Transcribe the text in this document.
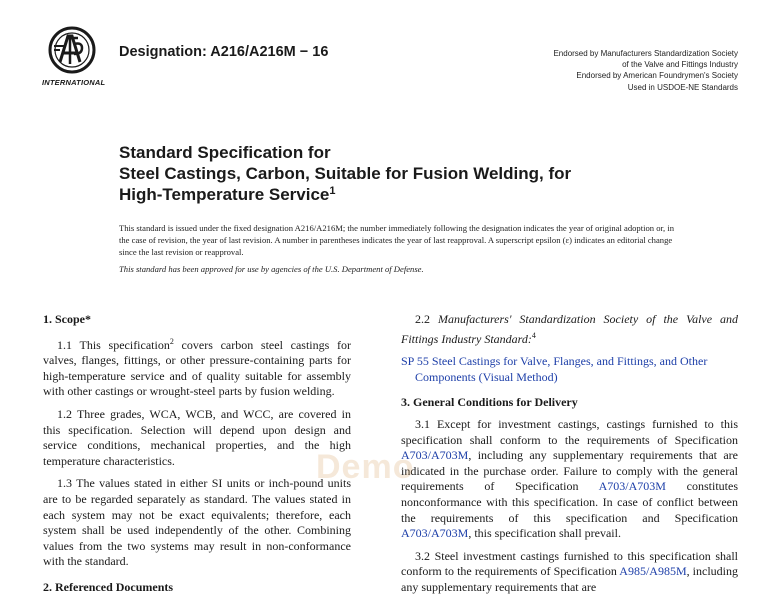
INTERNATIONAL
Designation: A216/A216M − 16	Endorsed by Manufacturers Standardization Society
of the Valve and Fittings Industry
Endorsed by American Foundrymen's Society
Used in USDOE-NE Standards
Standard Specification for
Steel Castings, Carbon, Suitable for Fusion Welding, for
High-Temperature Service$^1$

This standard is issued under the fixed designation A216/A216M; the number immediately following the designation indicates the year of original adoption or, in the case of revision, the year of last revision. A number in parentheses indicates the year of last reapproval. A superscript epsilon (ε) indicates an editorial change since the last revision or reapproval.

This standard has been approved for use by agencies of the U.S. Department of Defense.

1. Scope*

1.1 This specification$^2$ covers carbon steel castings for valves, flanges, fittings, or other pressure-containing parts for high-temperature service and of quality suitable for assembly with other castings or wrought-steel parts by fusion welding.

1.2 Three grades, WCA, WCB, and WCC, are covered in this specification. Selection will depend upon design and service conditions, mechanical properties, and the high temperature characteristics.

1.3 The values stated in either SI units or inch-pound units are to be regarded separately as standard. The values stated in each system may not be exact equivalents; therefore, each system shall be used independently of the other. Combining values from the two systems may result in non-conformance with the standard.

2. Referenced Documents

2.2 Manufacturers' Standardization Society of the Valve and Fittings Industry Standard:$^4$

SP 55 Steel Castings for Valve, Flanges, and Fittings, and Other Components (Visual Method)

3. General Conditions for Delivery

3.1 Except for investment castings, castings furnished to this specification shall conform to the requirements of Specification A703/A703M, including any supplementary requirements that are indicated in the purchase order. Failure to comply with the general requirements of Specification A703/A703M constitutes nonconformance with this specification. In case of conflict between the requirements of this specification and Specification A703/A703M, this specification shall prevail.

3.2 Steel investment castings furnished to this specification shall conform to the requirements of Specification A985/A985M, including any supplementary requirements that are

Demo
